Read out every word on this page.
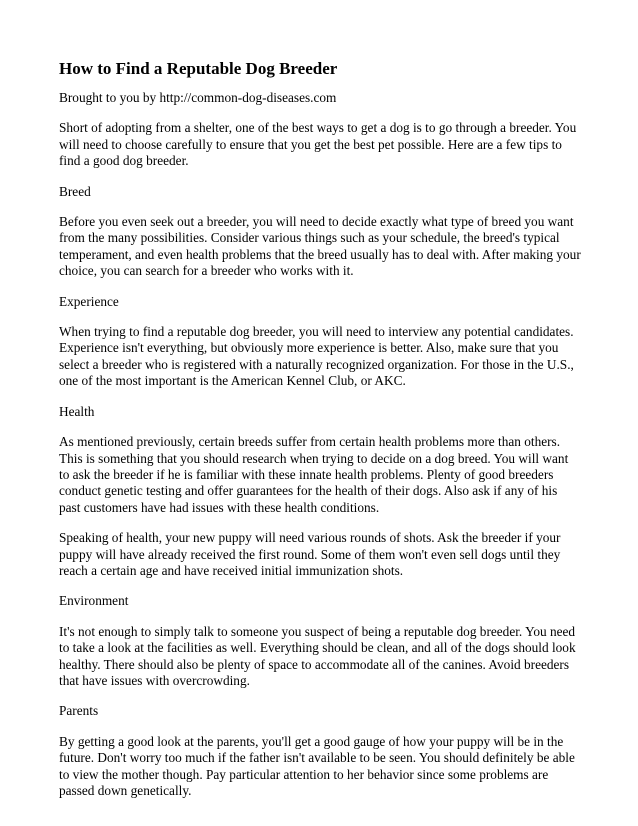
How to Find a Reputable Dog Breeder

Brought to you by http://common-dog-diseases.com

Short of adopting from a shelter, one of the best ways to get a dog is to go through a breeder. You will need to choose carefully to ensure that you get the best pet possible. Here are a few tips to find a good dog breeder.

Breed

Before you even seek out a breeder, you will need to decide exactly what type of breed you want from the many possibilities. Consider various things such as your schedule, the breed's typical temperament, and even health problems that the breed usually has to deal with. After making your choice, you can search for a breeder who works with it.

Experience

When trying to find a reputable dog breeder, you will need to interview any potential candidates. Experience isn't everything, but obviously more experience is better. Also, make sure that you select a breeder who is registered with a naturally recognized organization. For those in the U.S., one of the most important is the American Kennel Club, or AKC.

Health

As mentioned previously, certain breeds suffer from certain health problems more than others. This is something that you should research when trying to decide on a dog breed. You will want to ask the breeder if he is familiar with these innate health problems. Plenty of good breeders conduct genetic testing and offer guarantees for the health of their dogs. Also ask if any of his past customers have had issues with these health conditions.

Speaking of health, your new puppy will need various rounds of shots. Ask the breeder if your puppy will have already received the first round. Some of them won't even sell dogs until they reach a certain age and have received initial immunization shots.

Environment

It's not enough to simply talk to someone you suspect of being a reputable dog breeder. You need to take a look at the facilities as well. Everything should be clean, and all of the dogs should look healthy. There should also be plenty of space to accommodate all of the canines. Avoid breeders that have issues with overcrowding.

Parents

By getting a good look at the parents, you'll get a good gauge of how your puppy will be in the future. Don't worry too much if the father isn't available to be seen. You should definitely be able to view the mother though. Pay particular attention to her behavior since some problems are passed down genetically.
